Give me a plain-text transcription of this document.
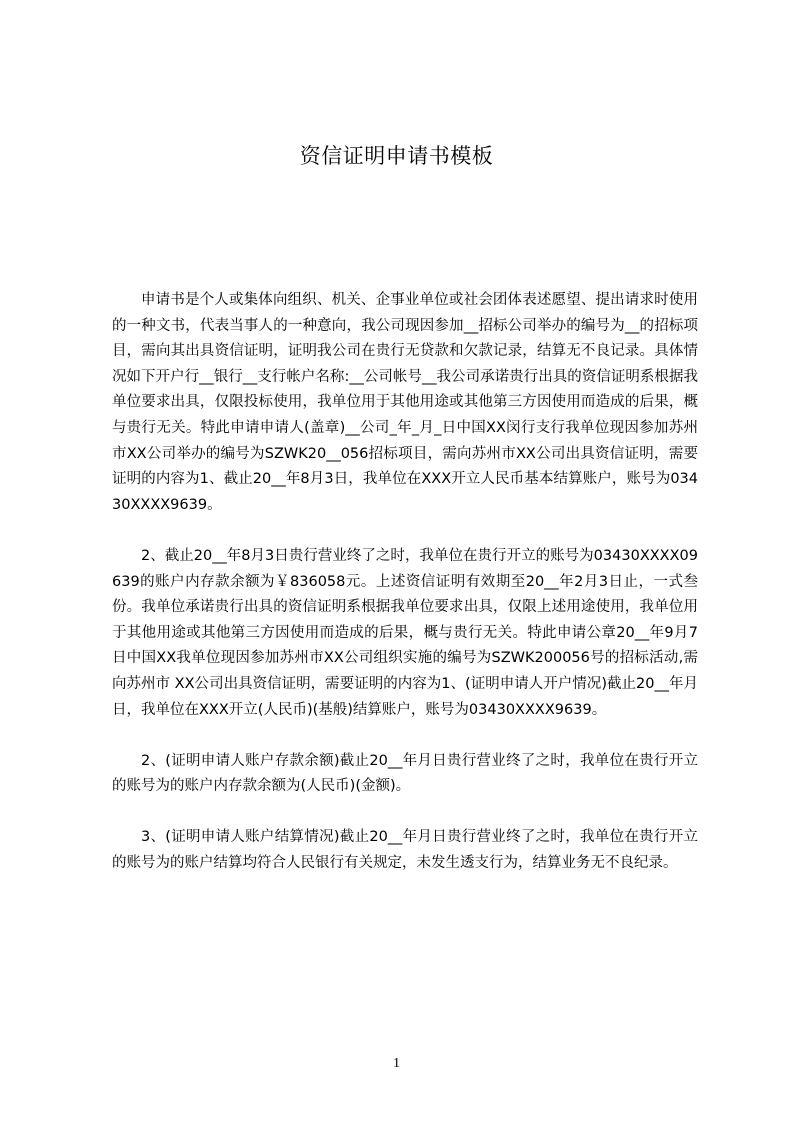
资信证明申请书模板

申请书是个人或集体向组织、机关、企事业单位或社会团体表述愿望、提出请求时使用的一种文书，代表当事人的一种意向，我公司现因参加__招标公司举办的编号为__的招标项目，需向其出具资信证明，证明我公司在贵行无贷款和欠款记录，结算无不良记录。具体情况如下开户行__银行__支行帐户名称:__公司帐号__我公司承诺贵行出具的资信证明系根据我单位要求出具，仅限投标使用，我单位用于其他用途或其他第三方因使用而造成的后果，概与贵行无关。特此申请申请人(盖章)__公司_年_月_日中国XX闵行支行我单位现因参加苏州市XX公司举办的编号为SZWK20__056招标项目，需向苏州市XX公司出具资信证明，需要证明的内容为1、截止20__年8月3日，我单位在XXX开立人民币基本结算账户，账号为03430XXXX9639。

2、截止20__年8月3日贵行营业终了之时，我单位在贵行开立的账号为03430XXXX09639的账户内存款余额为￥836058元。上述资信证明有效期至20__年2月3日止，一式叁份。我单位承诺贵行出具的资信证明系根据我单位要求出具，仅限上述用途使用，我单位用于其他用途或其他第三方因使用而造成的后果，概与贵行无关。特此申请公章20__年9月7日中国XX我单位现因参加苏州市XX公司组织实施的编号为SZWK200056号的招标活动,需向苏州市 XX公司出具资信证明，需要证明的内容为1、(证明申请人开户情况)截止20__年月日，我单位在XXX开立(人民币)(基般)结算账户，账号为03430XXXX9639。

2、(证明申请人账户存款余额)截止20__年月日贵行营业终了之时，我单位在贵行开立的账号为的账户内存款余额为(人民币)(金额)。

3、(证明申请人账户结算情况)截止20__年月日贵行营业终了之时，我单位在贵行开立的账号为的账户结算均符合人民银行有关规定，未发生透支行为，结算业务无不良纪录。

1
